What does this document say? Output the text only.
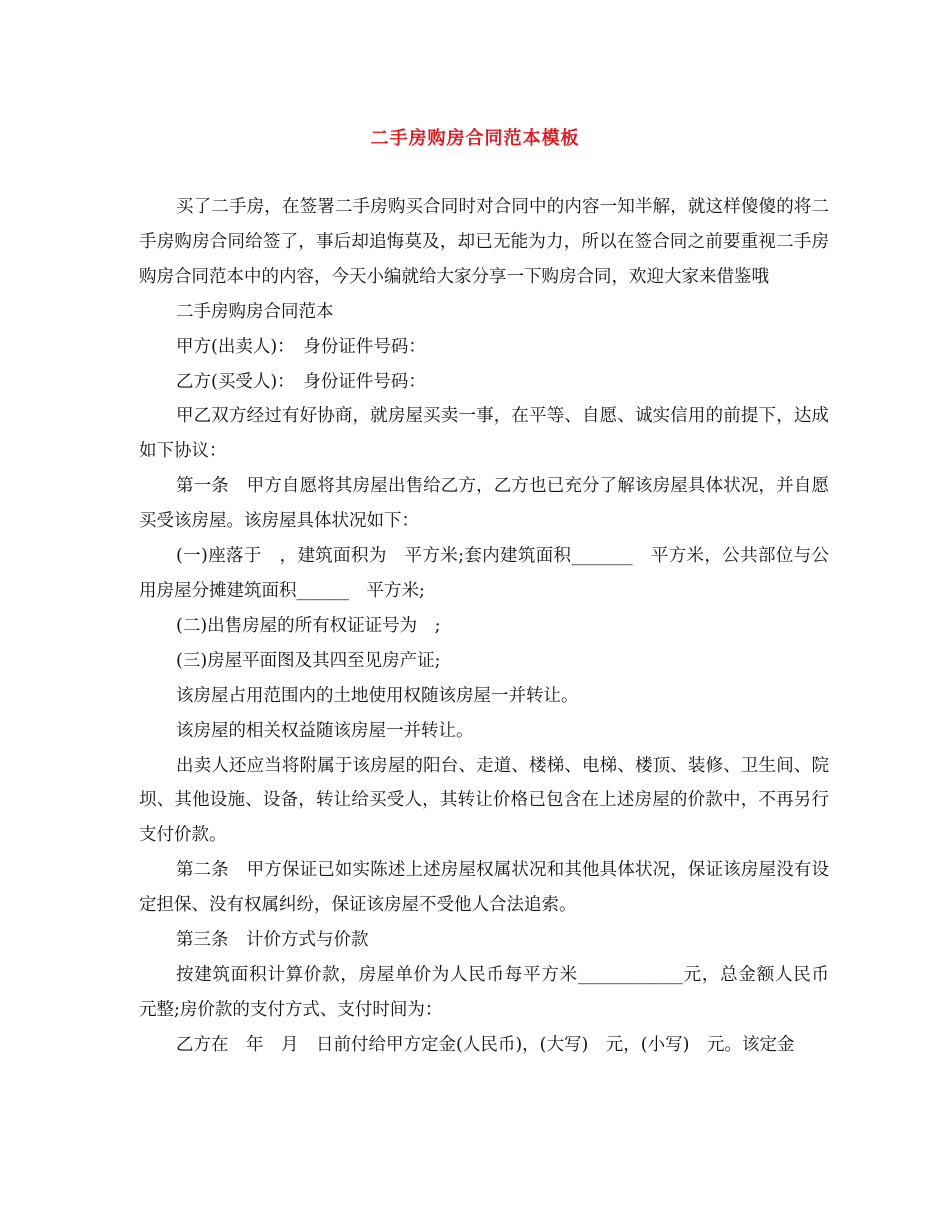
二手房购房合同范本模板

买了二手房，在签署二手房购买合同时对合同中的内容一知半解，就这样傻傻的将二手房购房合同给签了，事后却追悔莫及，却已无能为力，所以在签合同之前要重视二手房购房合同范本中的内容，今天小编就给大家分享一下购房合同，欢迎大家来借鉴哦

二手房购房合同范本

甲方(出卖人)：　身份证件号码：

乙方(买受人)：　身份证件号码：

甲乙双方经过有好协商，就房屋买卖一事，在平等、自愿、诚实信用的前提下，达成如下协议：

第一条　甲方自愿将其房屋出售给乙方，乙方也已充分了解该房屋具体状况，并自愿买受该房屋。该房屋具体状况如下：

(一)座落于　，建筑面积为　平方米;套内建筑面积_______　平方米，公共部位与公用房屋分摊建筑面积______　平方米;

(二)出售房屋的所有权证证号为　;

(三)房屋平面图及其四至见房产证;

该房屋占用范围内的土地使用权随该房屋一并转让。

该房屋的相关权益随该房屋一并转让。

出卖人还应当将附属于该房屋的阳台、走道、楼梯、电梯、楼顶、装修、卫生间、院坝、其他设施、设备，转让给买受人，其转让价格已包含在上述房屋的价款中，不再另行支付价款。

第二条　甲方保证已如实陈述上述房屋权属状况和其他具体状况，保证该房屋没有设定担保、没有权属纠纷，保证该房屋不受他人合法追索。

第三条　计价方式与价款

按建筑面积计算价款，房屋单价为人民币每平方米____________元，总金额人民币　元整;房价款的支付方式、支付时间为：

乙方在　年　月　日前付给甲方定金(人民币)，(大写)　元，(小写)　元。该定金
